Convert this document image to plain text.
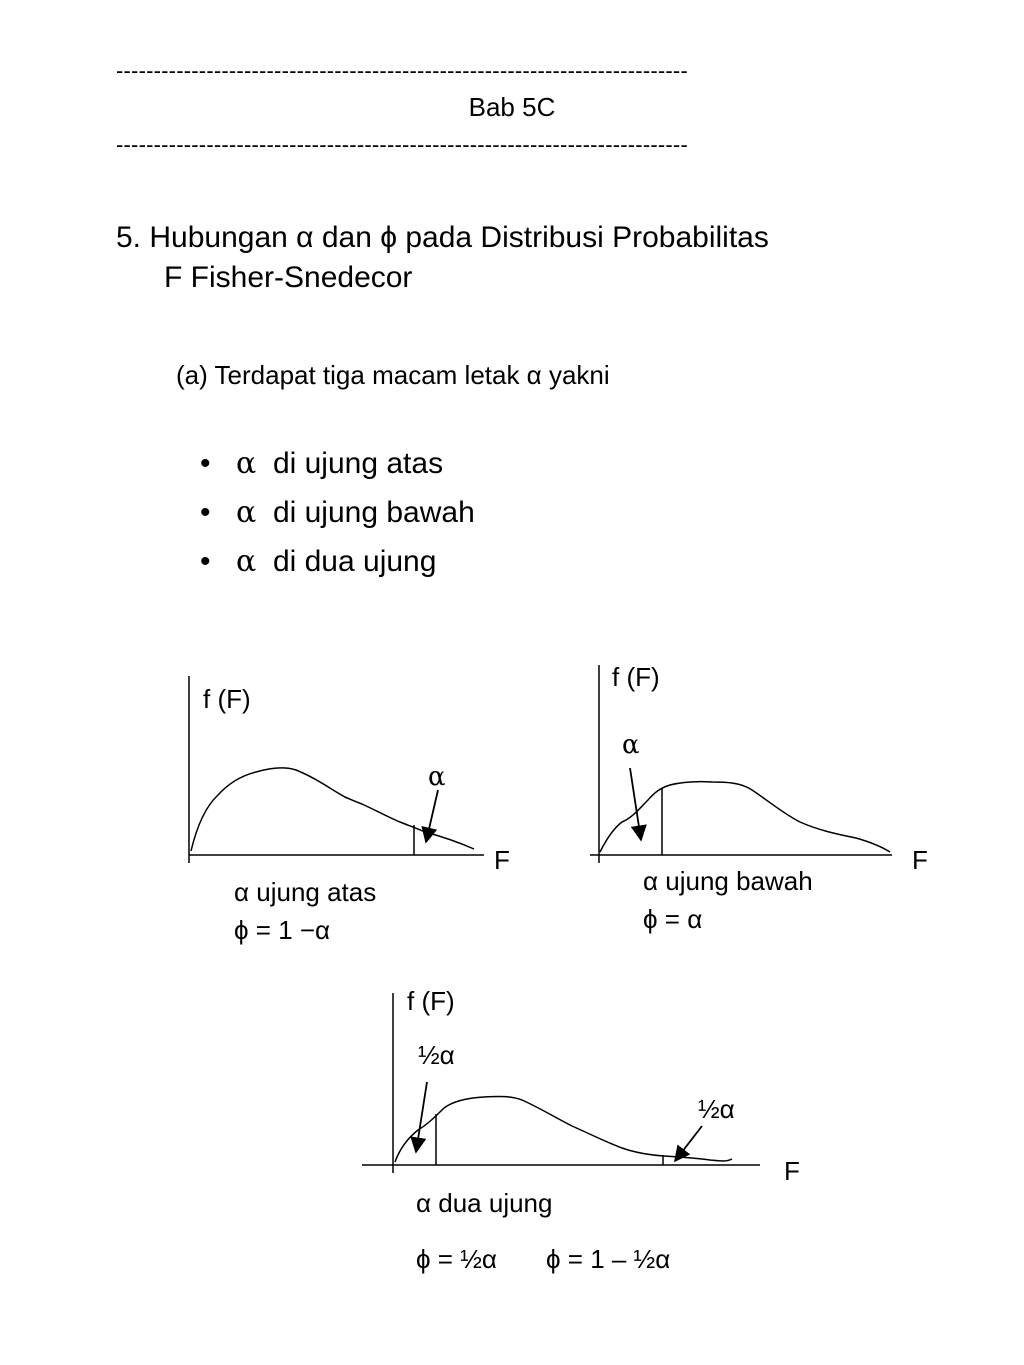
----------------------------------------------------------------------------
Bab 5C
----------------------------------------------------------------------------
5. Hubungan α dan ϕ pada Distribusi Probabilitas
F Fisher-Snedecor
(a) Terdapat tiga macam letak α yakni
• α di ujung atas
• α di ujung bawah
• α di dua ujung
f (F)
α
F
α ujung atas
ϕ = 1 −α
f (F)
α
F
α ujung bawah
ϕ = α
f (F)
½α
½α
F
α dua ujung
ϕ = ½α ϕ = 1 – ½α
